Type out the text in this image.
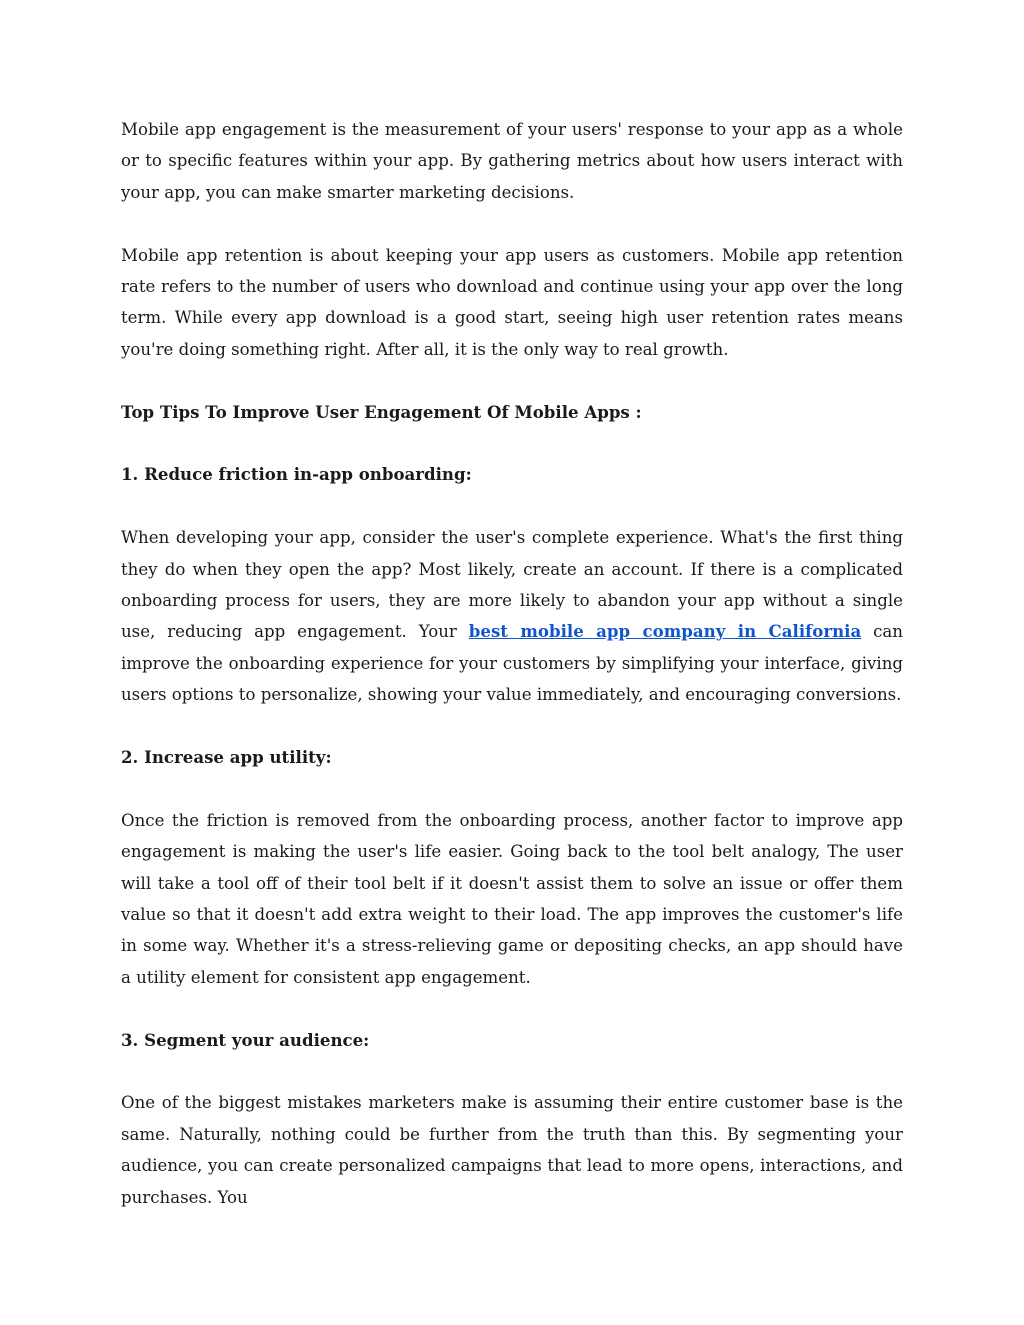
Mobile app engagement is the measurement of your users' response to your app as a whole or to specific features within your app. By gathering metrics about how users interact with your app, you can make smarter marketing decisions.

Mobile app retention is about keeping your app users as customers. Mobile app retention rate refers to the number of users who download and continue using your app over the long term. While every app download is a good start, seeing high user retention rates means you're doing something right. After all, it is the only way to real growth.

Top Tips To Improve User Engagement Of Mobile Apps :
1. Reduce friction in-app onboarding:

When developing your app, consider the user's complete experience. What's the first thing they do when they open the app? Most likely, create an account. If there is a complicated onboarding process for users, they are more likely to abandon your app without a single use, reducing app engagement. Your best mobile app company in California can improve the onboarding experience for your customers by simplifying your interface, giving users options to personalize, showing your value immediately, and encouraging conversions.

2. Increase app utility:

Once the friction is removed from the onboarding process, another factor to improve app engagement is making the user's life easier. Going back to the tool belt analogy, The user will take a tool off of their tool belt if it doesn't assist them to solve an issue or offer them value so that it doesn't add extra weight to their load. The app improves the customer's life in some way. Whether it's a stress-relieving game or depositing checks, an app should have a utility element for consistent app engagement.

3. Segment your audience:

One of the biggest mistakes marketers make is assuming their entire customer base is the same. Naturally, nothing could be further from the truth than this. By segmenting your audience, you can create personalized campaigns that lead to more opens, interactions, and purchases. You
